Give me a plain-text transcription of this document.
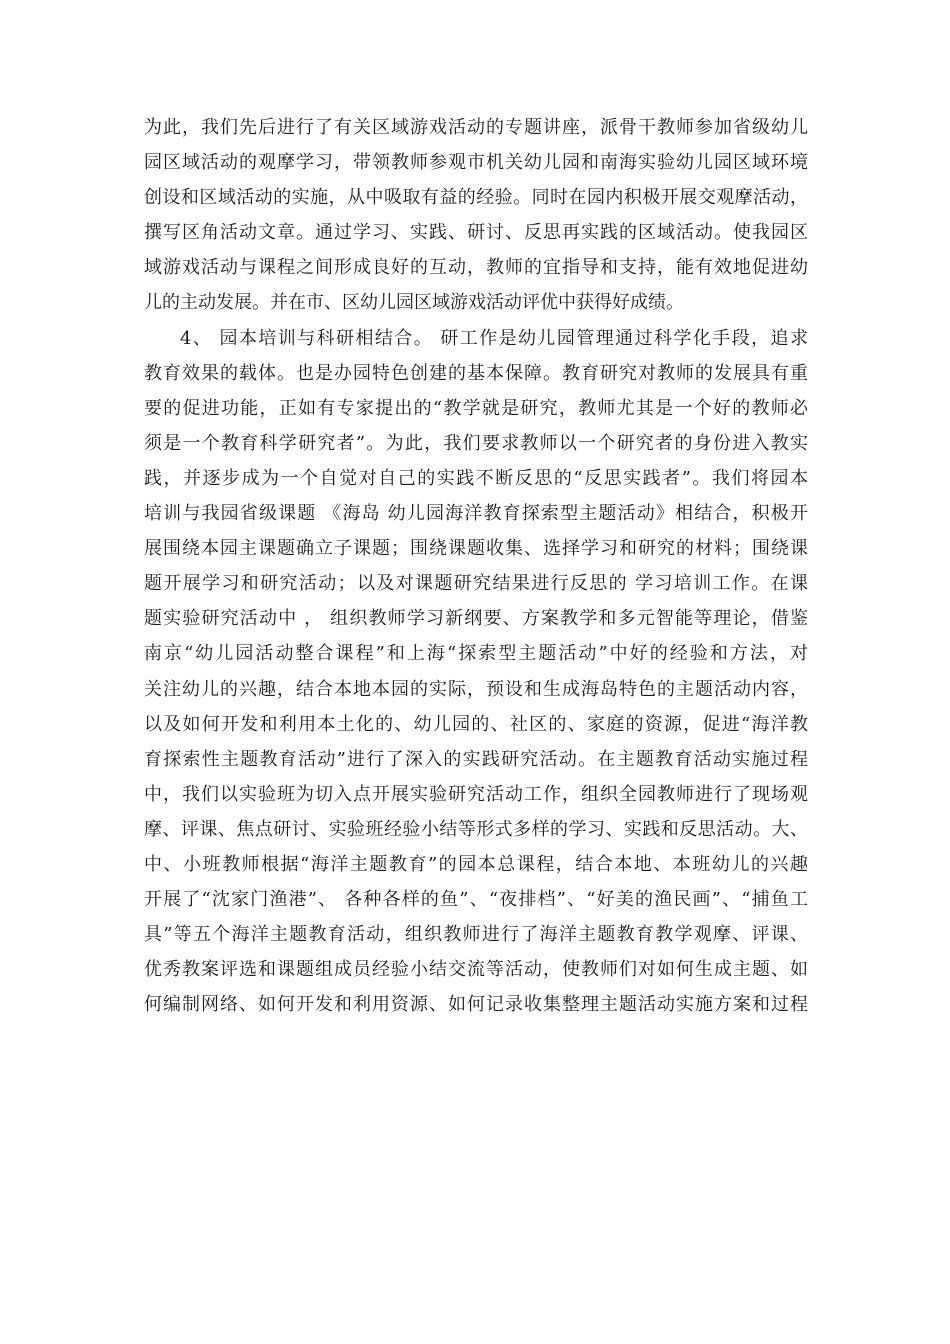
为此，我们先后进行了有关区域游戏活动的专题讲座，派骨干教师参加省级幼儿
园区域活动的观摩学习，带领教师参观市机关幼儿园和南海实验幼儿园区域环境
创设和区域活动的实施，从中吸取有益的经验。同时在园内积极开展交观摩活动，
撰写区角活动文章。通过学习、实践、研讨、反思再实践的区域活动。使我园区
域游戏活动与课程之间形成良好的互动，教师的宜指导和支持，能有效地促进幼
儿的主动发展。并在市、区幼儿园区域游戏活动评优中获得好成绩。
4、 园本培训与科研相结合。 研工作是幼儿园管理通过科学化手段，追求
教育效果的载体。也是办园特色创建的基本保障。教育研究对教师的发展具有重
要的促进功能，正如有专家提出的“教学就是研究，教师尤其是一个好的教师必
须是一个教育科学研究者”。为此，我们要求教师以一个研究者的身份进入教实
践，并逐步成为一个自觉对自己的实践不断反思的“反思实践者”。我们将园本
培训与我园省级课题 《海岛 幼儿园海洋教育探索型主题活动》相结合，积极开
展围绕本园主课题确立子课题；围绕课题收集、选择学习和研究的材料；围绕课
题开展学习和研究活动；以及对课题研究结果进行反思的 学习培训工作。在课
题实验研究活动中 ， 组织教师学习新纲要、方案教学和多元智能等理论，借鉴
南京“幼儿园活动整合课程”和上海“探索型主题活动”中好的经验和方法，对
关注幼儿的兴趣，结合本地本园的实际，预设和生成海岛特色的主题活动内容，
以及如何开发和利用本土化的、幼儿园的、社区的、家庭的资源，促进“海洋教
育探索性主题教育活动”进行了深入的实践研究活动。在主题教育活动实施过程
中，我们以实验班为切入点开展实验研究活动工作，组织全园教师进行了现场观
摩、评课、焦点研讨、实验班经验小结等形式多样的学习、实践和反思活动。大、
中、小班教师根据“海洋主题教育”的园本总课程，结合本地、本班幼儿的兴趣
开展了“沈家门渔港”、 各种各样的鱼”、“夜排档”、“好美的渔民画”、“捕鱼工
具”等五个海洋主题教育活动，组织教师进行了海洋主题教育教学观摩、评课、
优秀教案评选和课题组成员经验小结交流等活动，使教师们对如何生成主题、如
何编制网络、如何开发和利用资源、如何记录收集整理主题活动实施方案和过程
